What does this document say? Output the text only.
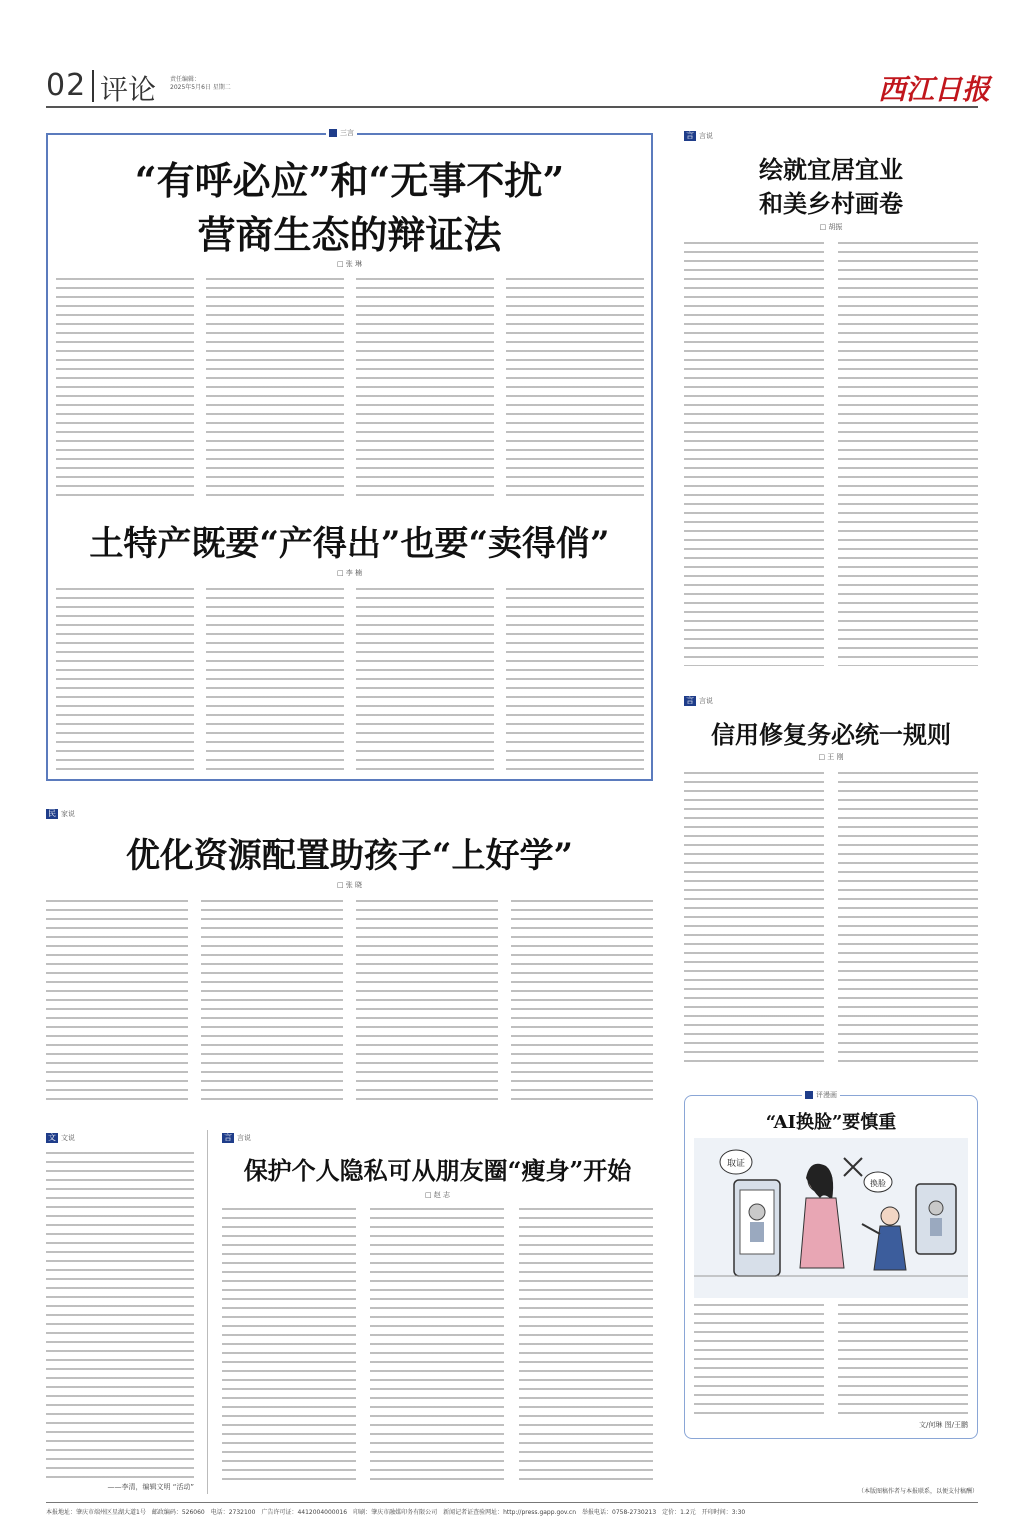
02 评论 责任编辑：
2025年5月6日 星期二	西江日报
三言
“有呼必应”和“无事不扰”
营商生态的辩证法
□ 张 琳
土特产既要“产得出”也要“卖得俏”
□ 李 楠
言 言说
绘就宜居宜业
和美乡村画卷
□ 胡振
言 言说
信用修复务必统一规则
□ 王 刚
民 家说
优化资源配置助孩子“上好学”
□ 张 晓
文 文说
——李清，编辑文明 “活动”
言 言说
保护个人隐私可从朋友圈“瘦身”开始
□ 赵 志
评漫画
“AI换脸”要慎重
取证
换脸
文/何琳 图/王鹏
（本版图稿作者与本报联系，以便支付稿酬）
本报地址：肇庆市端州区星湖大道1号　邮政编码：526060　电话：2732100　广告许可证：4412004000016　印刷：肇庆市融媒印务有限公司　新闻记者证查验网址：http://press.gapp.gov.cn　举报电话：0758-2730213　定价：1.2元　开印时间：3:30
